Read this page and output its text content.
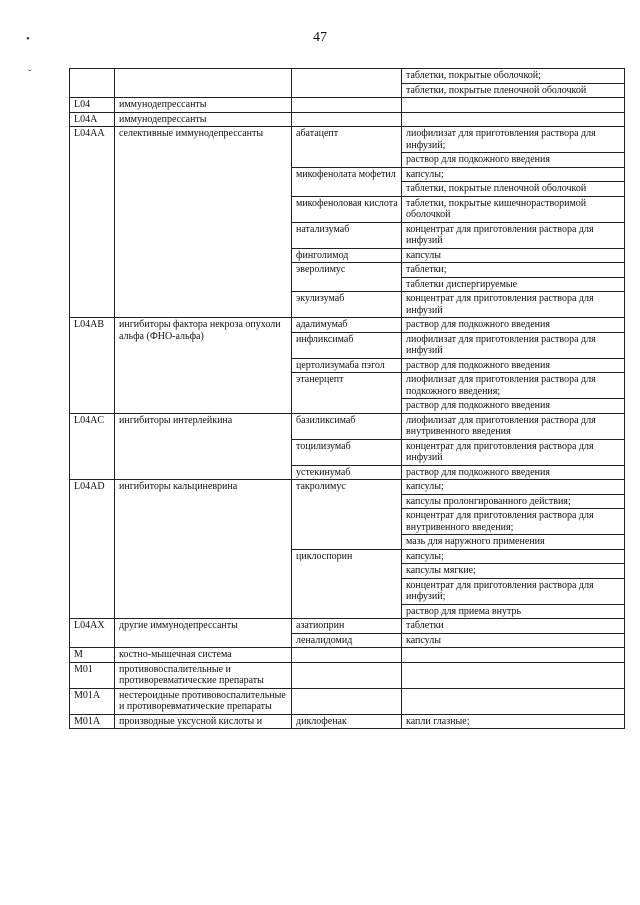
47
•
ˇ
				таблетки, покрытые оболочкой;
			таблетки, покрытые пленочной оболочкой
L04	иммунодепрессанты		
L04A	иммунодепрессанты		
L04AA	селективные иммунодепрессанты	абатацепт	лиофилизат для приготовления раствора для инфузий;
			раствор для подкожного введения
		микофенолата мофетил	капсулы;
			таблетки, покрытые пленочной оболочкой
		микофеноловая кислота	таблетки, покрытые кишечнорастворимой оболочкой
		натализумаб	концентрат для приготовления раствора для инфузий
		финголимод	капсулы
		эверолимус	таблетки;
			таблетки диспергируемые
		экулизумаб	концентрат для приготовления раствора для инфузий
L04AB	ингибиторы фактора некроза опухоли альфа (ФНО-альфа)	адалимумаб	раствор для подкожного введения
		инфликсимаб	лиофилизат для приготовления раствора для инфузий
		цертолизумаба пэгол	раствор для подкожного введения
		этанерцепт	лиофилизат для приготовления раствора для подкожного введения;
			раствор для подкожного введения
L04AC	ингибиторы интерлейкина	базиликсимаб	лиофилизат для приготовления раствора для внутривенного введения
		тоцилизумаб	концентрат для приготовления раствора для инфузий
		устекинумаб	раствор для подкожного введения
L04AD	ингибиторы кальциневрина	такролимус	капсулы;
			капсулы пролонгированного действия;
			концентрат для приготовления раствора для внутривенного введения;
			мазь для наружного применения
		циклоспорин	капсулы;
			капсулы мягкие;
			концентрат для приготовления раствора для инфузий;
			раствор для приема внутрь
L04AX	другие иммунодепрессанты	азатиоприн	таблетки
		леналидомид	капсулы
M	костно-мышечная система		
M01	противовоспалительные и противоревматические препараты		
M01A	нестероидные противовоспалительные и противоревматические препараты		
M01A	производные уксусной кислоты и	диклофенак	капли глазные;
